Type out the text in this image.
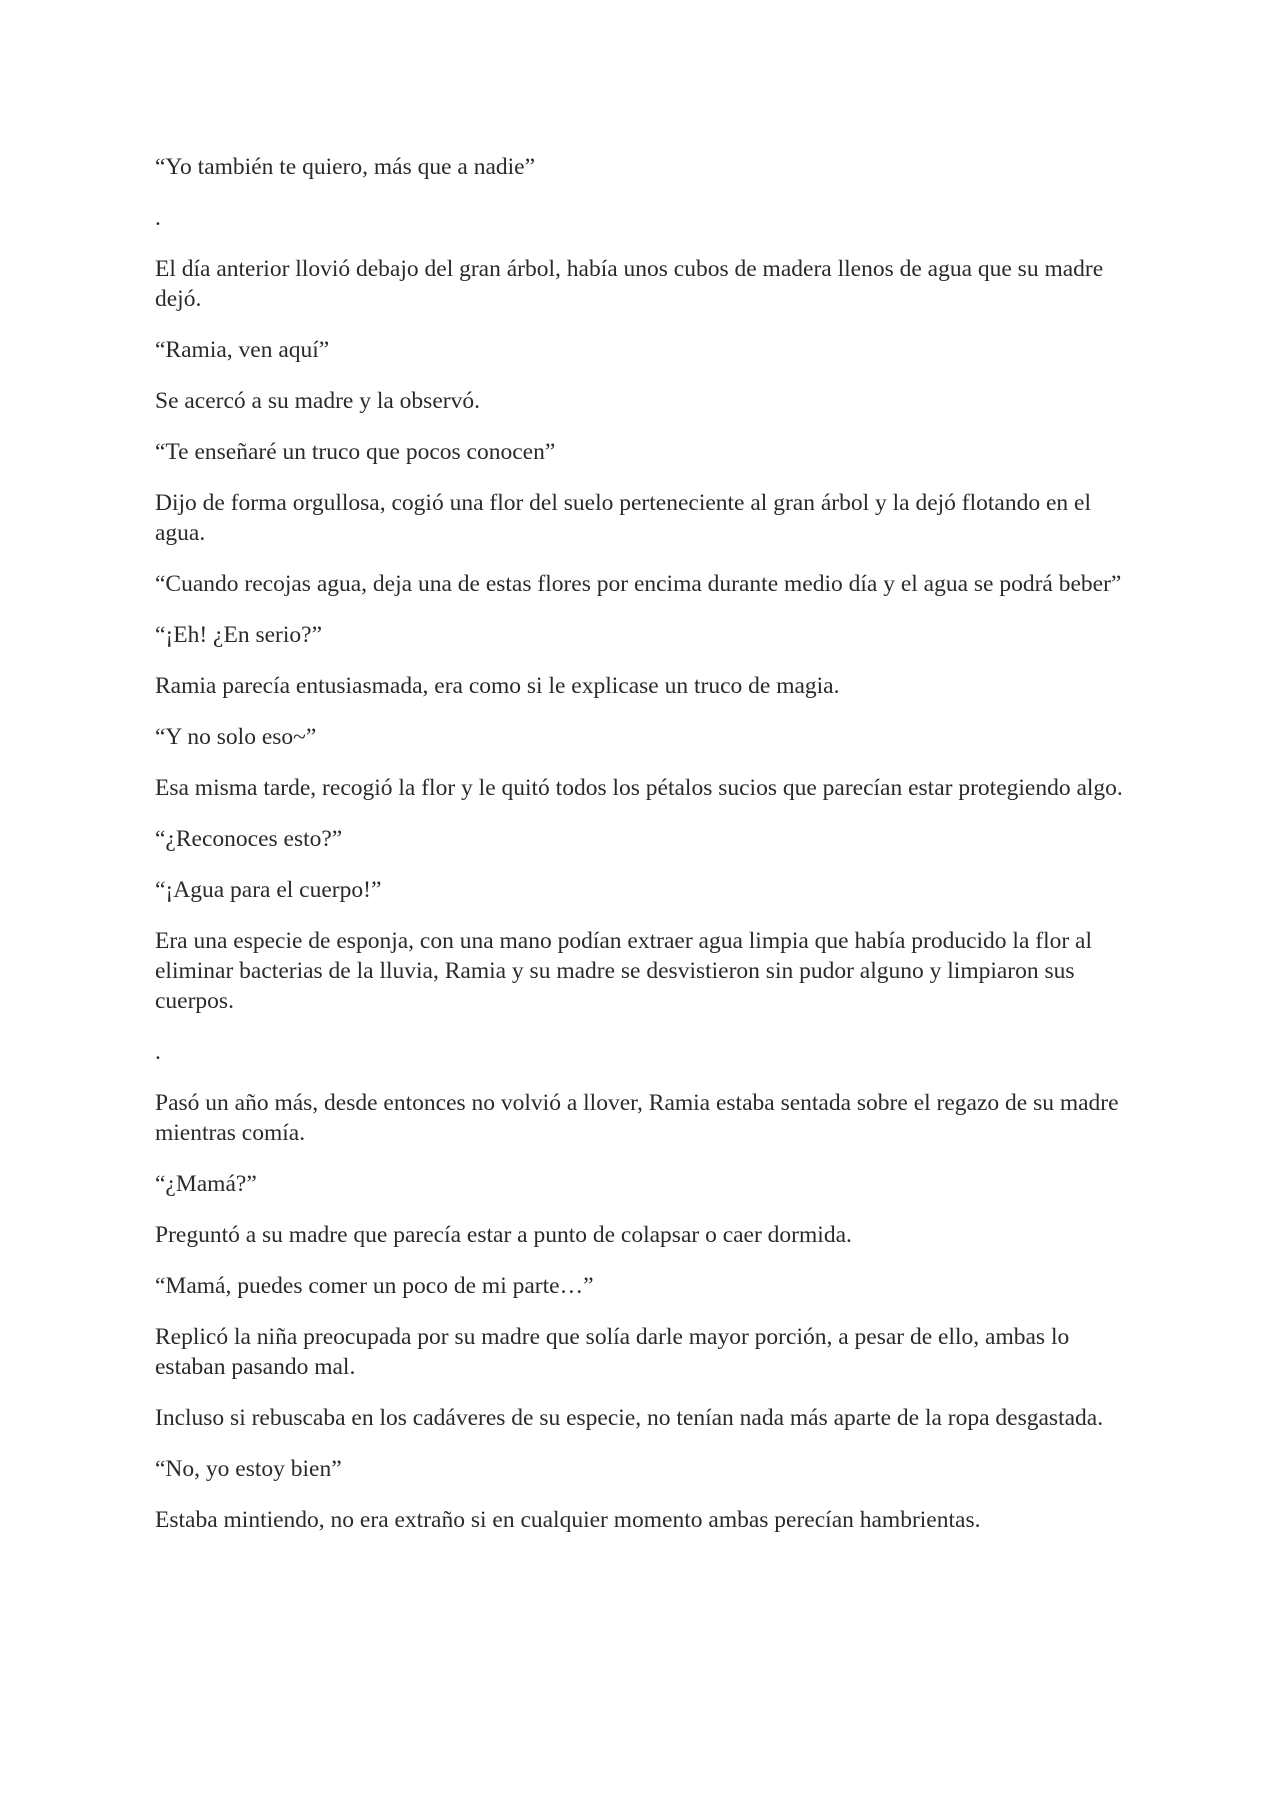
“Yo también te quiero, más que a nadie”

.

El día anterior llovió debajo del gran árbol, había unos cubos de madera llenos de agua que su madre dejó.

“Ramia, ven aquí”

Se acercó a su madre y la observó.

“Te enseñaré un truco que pocos conocen”

Dijo de forma orgullosa, cogió una flor del suelo perteneciente al gran árbol y la dejó flotando en el agua.

“Cuando recojas agua, deja una de estas flores por encima durante medio día y el agua se podrá beber”

“¡Eh! ¿En serio?”

Ramia parecía entusiasmada, era como si le explicase un truco de magia.

“Y no solo eso~”

Esa misma tarde, recogió la flor y le quitó todos los pétalos sucios que parecían estar protegiendo algo.

“¿Reconoces esto?”

“¡Agua para el cuerpo!”

Era una especie de esponja, con una mano podían extraer agua limpia que había producido la flor al eliminar bacterias de la lluvia, Ramia y su madre se desvistieron sin pudor alguno y limpiaron sus cuerpos.

.

Pasó un año más, desde entonces no volvió a llover, Ramia estaba sentada sobre el regazo de su madre mientras comía.

“¿Mamá?”

Preguntó a su madre que parecía estar a punto de colapsar o caer dormida.

“Mamá, puedes comer un poco de mi parte…”

Replicó la niña preocupada por su madre que solía darle mayor porción, a pesar de ello, ambas lo estaban pasando mal.

Incluso si rebuscaba en los cadáveres de su especie, no tenían nada más aparte de la ropa desgastada.

“No, yo estoy bien”

Estaba mintiendo, no era extraño si en cualquier momento ambas perecían hambrientas.
